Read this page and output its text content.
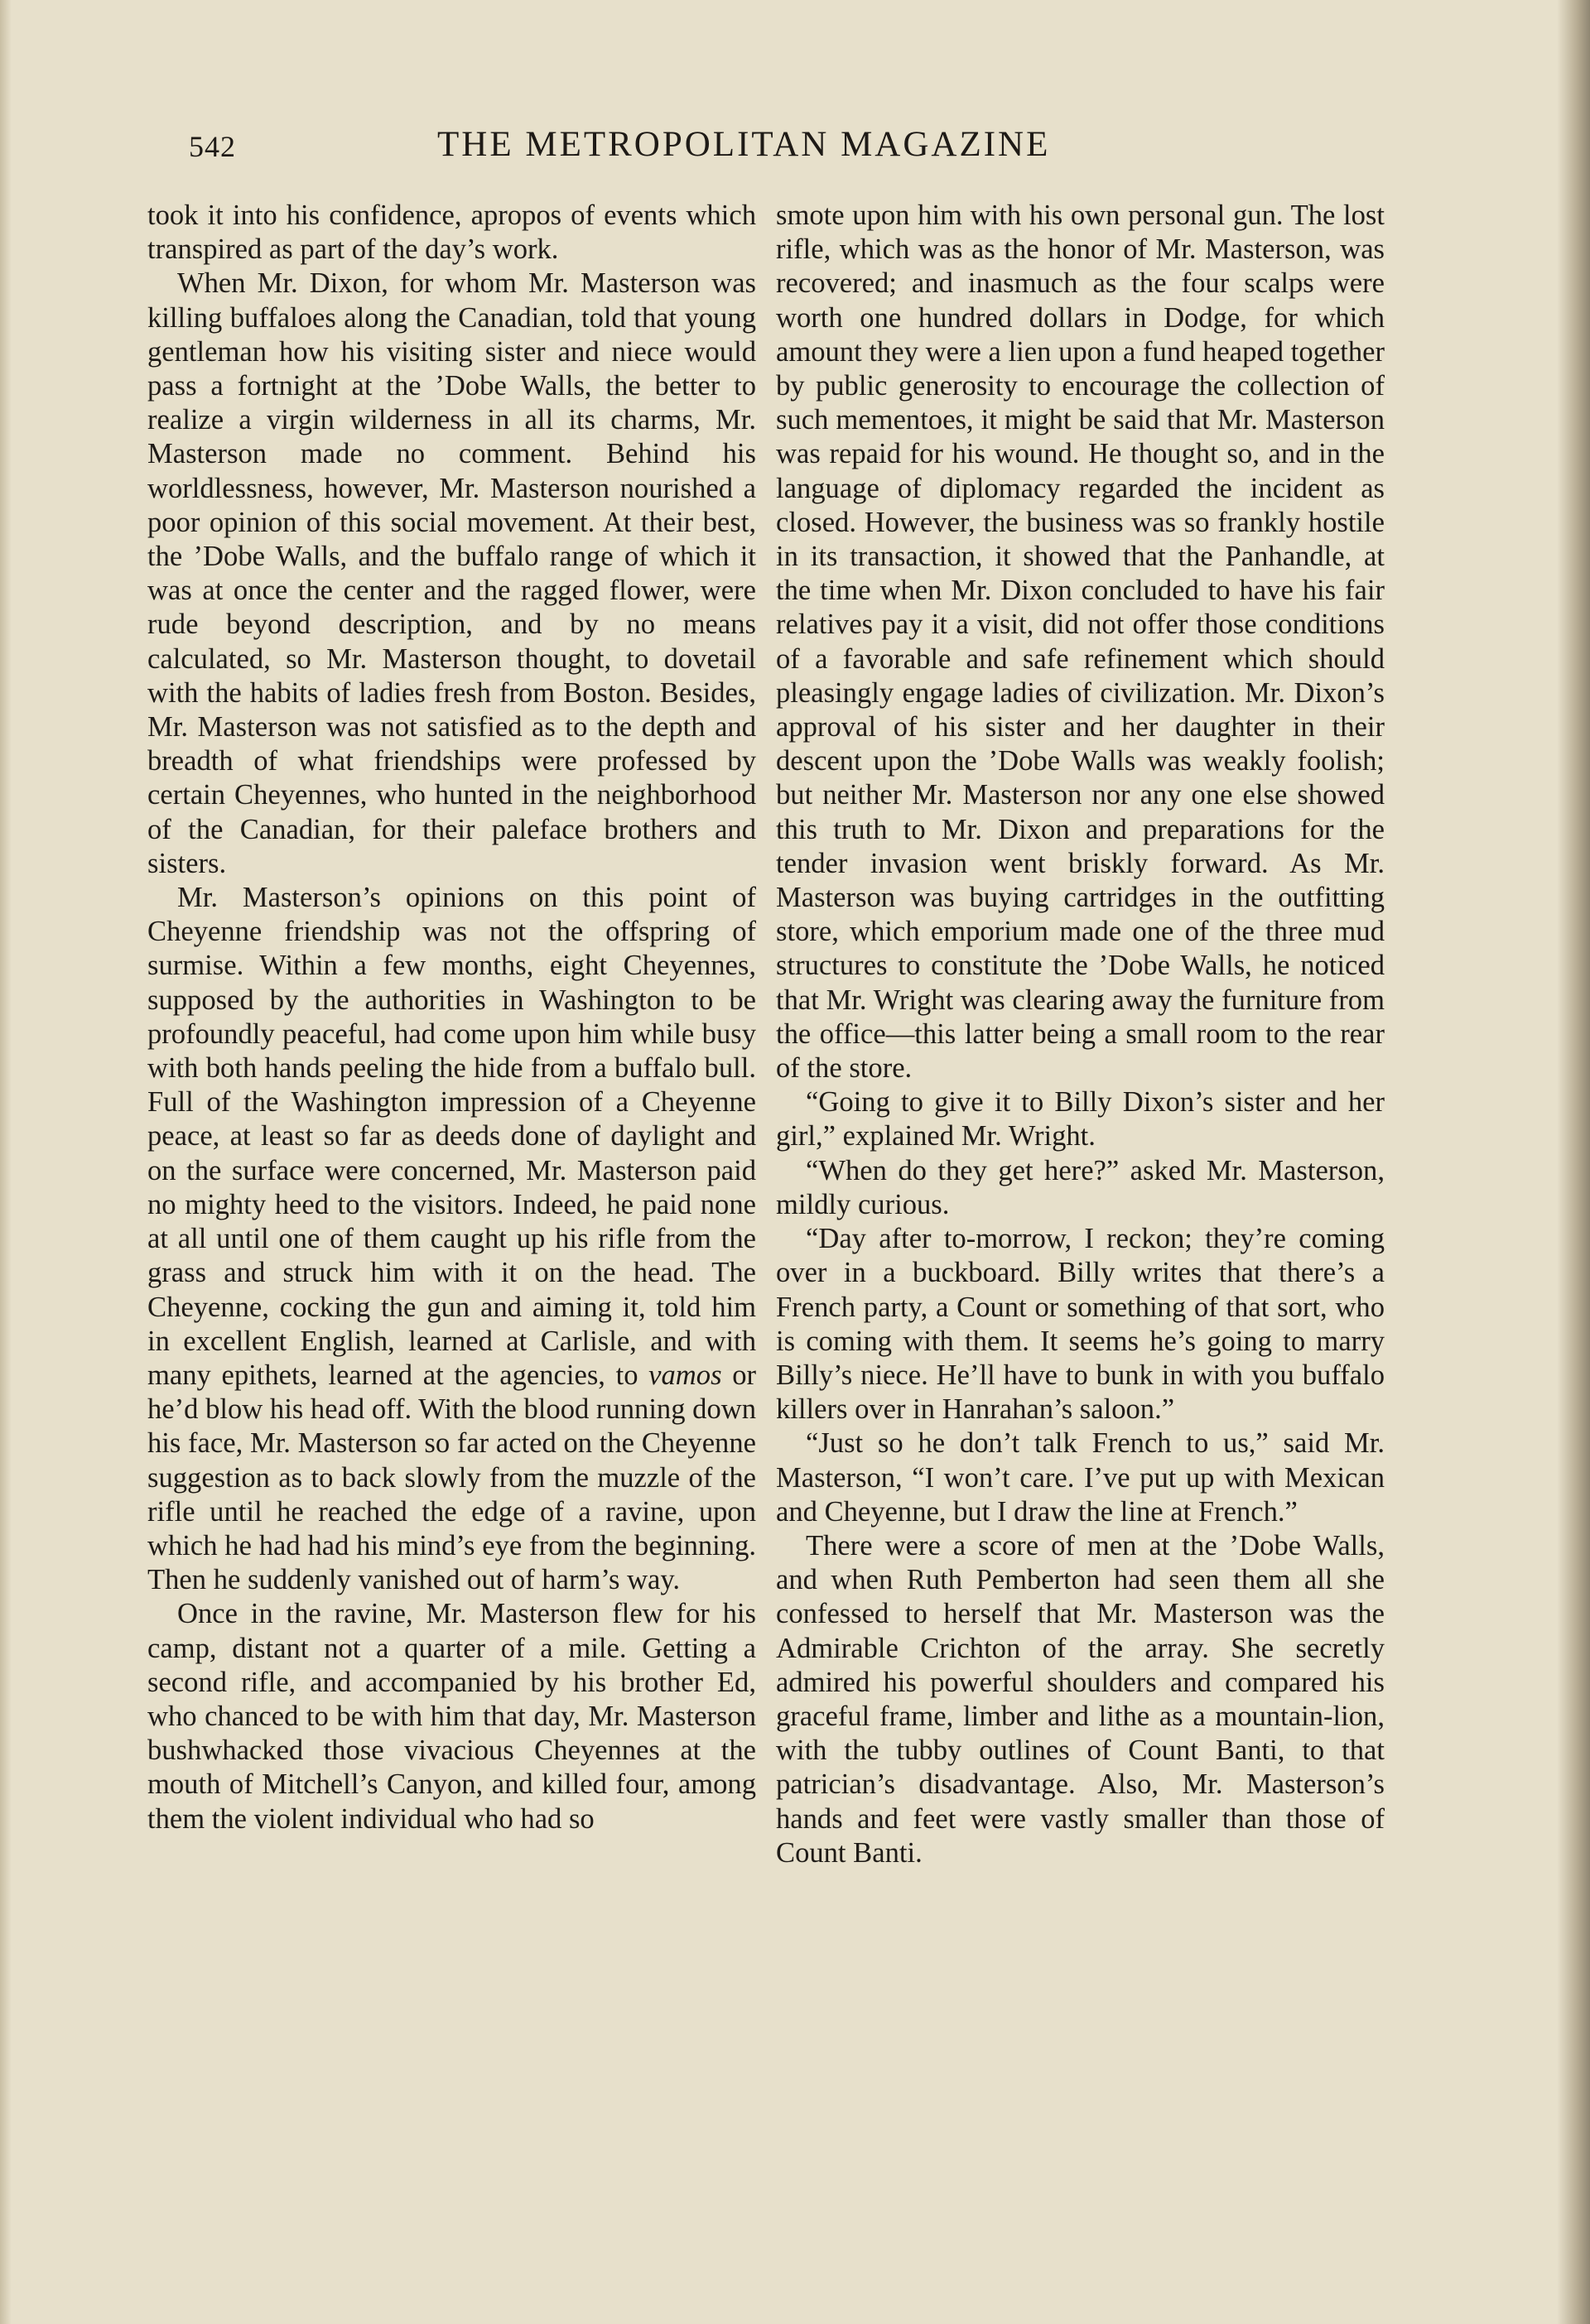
542	THE METROPOLITAN MAGAZINE

took it into his confidence, apropos of events which transpired as part of the day’s work.

When Mr. Dixon, for whom Mr. Masterson was killing buffaloes along the Canadian, told that young gentleman how his visiting sister and niece would pass a fortnight at the ’Dobe Walls, the better to realize a virgin wilderness in all its charms, Mr. Masterson made no comment. Behind his worldlessness, however, Mr. Masterson nourished a poor opinion of this social movement. At their best, the ’Dobe Walls, and the buffalo range of which it was at once the center and the ragged flower, were rude beyond description, and by no means calculated, so Mr. Masterson thought, to dovetail with the habits of ladies fresh from Boston. Besides, Mr. Masterson was not satisfied as to the depth and breadth of what friendships were professed by certain Cheyennes, who hunted in the neighborhood of the Canadian, for their paleface brothers and sisters.

Mr. Masterson’s opinions on this point of Cheyenne friendship was not the offspring of surmise. Within a few months, eight Cheyennes, supposed by the authorities in Washington to be profoundly peaceful, had come upon him while busy with both hands peeling the hide from a buffalo bull. Full of the Washington impression of a Cheyenne peace, at least so far as deeds done of daylight and on the surface were concerned, Mr. Masterson paid no mighty heed to the visitors. Indeed, he paid none at all until one of them caught up his rifle from the grass and struck him with it on the head. The Cheyenne, cocking the gun and aiming it, told him in excellent English, learned at Carlisle, and with many epithets, learned at the agencies, to vamos or he’d blow his head off. With the blood running down his face, Mr. Masterson so far acted on the Cheyenne suggestion as to back slowly from the muzzle of the rifle until he reached the edge of a ravine, upon which he had had his mind’s eye from the beginning. Then he suddenly vanished out of harm’s way.

Once in the ravine, Mr. Masterson flew for his camp, distant not a quarter of a mile. Getting a second rifle, and accompanied by his brother Ed, who chanced to be with him that day, Mr. Masterson bushwhacked those vivacious Cheyennes at the mouth of Mitchell’s Canyon, and killed four, among them the violent individual who had so

smote upon him with his own personal gun. The lost rifle, which was as the honor of Mr. Masterson, was recovered; and inasmuch as the four scalps were worth one hundred dollars in Dodge, for which amount they were a lien upon a fund heaped together by public generosity to encourage the collection of such mementoes, it might be said that Mr. Masterson was repaid for his wound. He thought so, and in the language of diplomacy regarded the incident as closed. However, the business was so frankly hostile in its transaction, it showed that the Panhandle, at the time when Mr. Dixon concluded to have his fair relatives pay it a visit, did not offer those conditions of a favorable and safe refinement which should pleasingly engage ladies of civilization. Mr. Dixon’s approval of his sister and her daughter in their descent upon the ’Dobe Walls was weakly foolish; but neither Mr. Masterson nor any one else showed this truth to Mr. Dixon and preparations for the tender invasion went briskly forward. As Mr. Masterson was buying cartridges in the outfitting store, which emporium made one of the three mud structures to constitute the ’Dobe Walls, he noticed that Mr. Wright was clearing away the furniture from the office—this latter being a small room to the rear of the store.

“Going to give it to Billy Dixon’s sister and her girl,” explained Mr. Wright.

“When do they get here?” asked Mr. Masterson, mildly curious.

“Day after to-morrow, I reckon; they’re coming over in a buckboard. Billy writes that there’s a French party, a Count or something of that sort, who is coming with them. It seems he’s going to marry Billy’s niece. He’ll have to bunk in with you buffalo killers over in Hanrahan’s saloon.”

“Just so he don’t talk French to us,” said Mr. Masterson, “I won’t care. I’ve put up with Mexican and Cheyenne, but I draw the line at French.”

There were a score of men at the ’Dobe Walls, and when Ruth Pemberton had seen them all she confessed to herself that Mr. Masterson was the Admirable Crichton of the array. She secretly admired his powerful shoulders and compared his graceful frame, limber and lithe as a mountain-lion, with the tubby outlines of Count Banti, to that patrician’s disadvantage. Also, Mr. Masterson’s hands and feet were vastly smaller than those of Count Banti.
